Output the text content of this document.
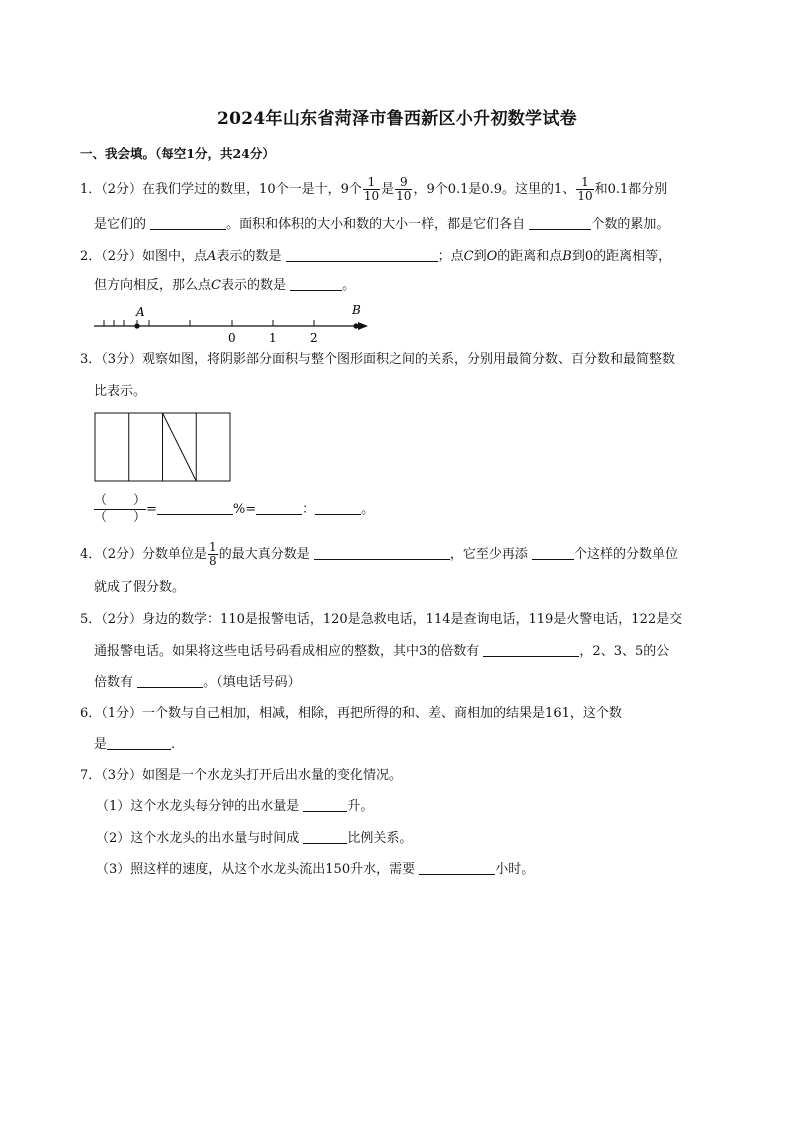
2024年山东省菏泽市鲁西新区小升初数学试卷
一、我会填。（每空1分，共24分）
1．（2分）在我们学过的数里，10个一是十，9个 $\frac{1}{10}$ 是 $\frac{9}{10}$ ，9个0.1是0.9。这里的1、 $\frac{1}{10}$ 和0.1都分别
是它们的	。面积和体积的大小和数的大小一样，都是它们各自	个数的累加。
2．（2分）如图中，点A表示的数是	；点C到O的距离和点B到0的距离相等，
但方向相反，那么点C表示的数是	。
A	B
0	1	2
3．（3分）观察如图，将阴影部分面积与整个图形面积之间的关系，分别用最简分数、百分数和最简整数
比表示。
（　　）
（　　）
=	%=	：	。
4．（2分）分数单位是 $\frac{1}{8}$ 的最大真分数是	，它至少再添	个这样的分数单位
就成了假分数。
5．（2分）身边的数学：110是报警电话，120是急救电话，114是查询电话，119是火警电话，122是交
通报警电话。如果将这些电话号码看成相应的整数，其中3的倍数有	，2、3、5的公
倍数有	。（填电话号码）
6．（1分）一个数与自己相加，相减，相除，再把所得的和、差、商相加的结果是161，这个数
是	.
7．（3分）如图是一个水龙头打开后出水量的变化情况。
（1）这个水龙头每分钟的出水量是	升。
（2）这个水龙头的出水量与时间成	比例关系。
（3）照这样的速度，从这个水龙头流出150升水，需要	小时。
